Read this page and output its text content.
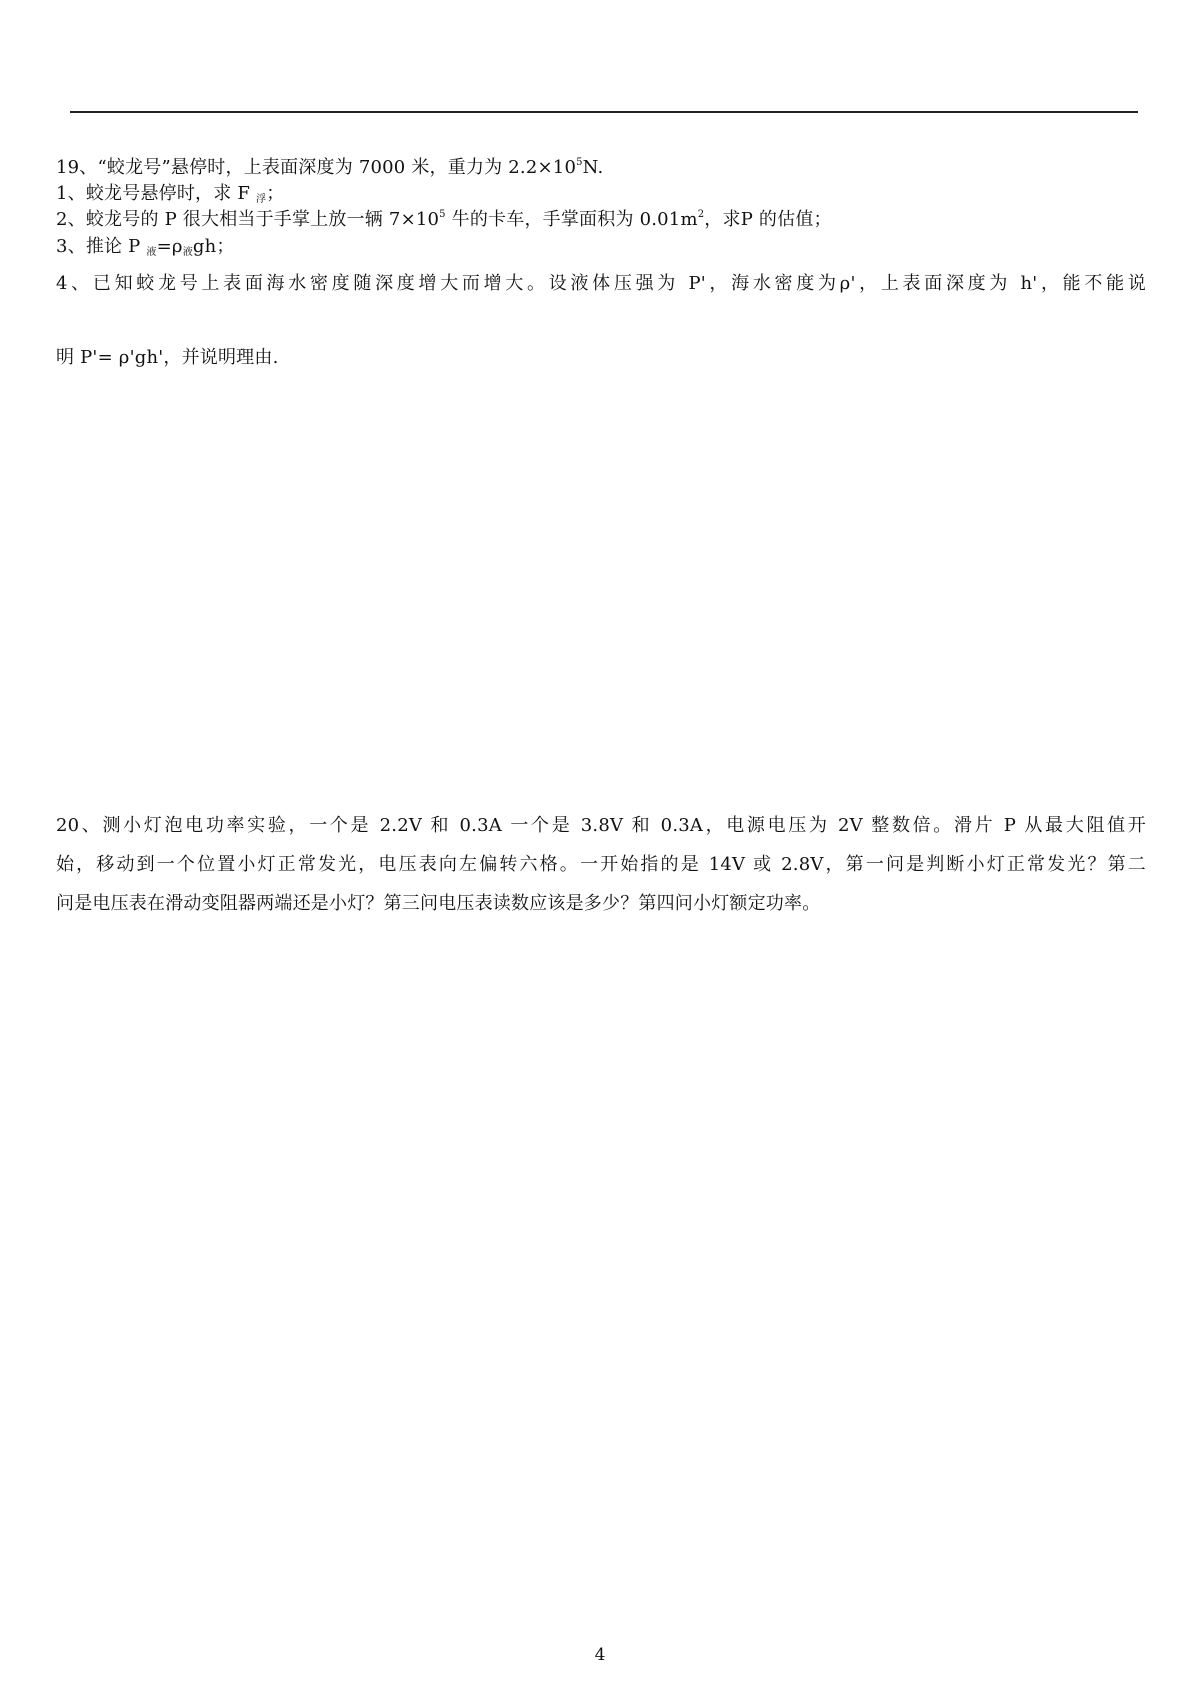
19、“蛟龙号”悬停时，上表面深度为 7000 米，重力为 $2.2\times 10^5N$.
1、蛟龙号悬停时，求 F $_浮$；
2、蛟龙号的 P 很大相当于手掌上放一辆 $7\times 10^5$ 牛的卡车，手掌面积为 $0.01m^2$，求P 的估值；
3、推论 P $_液=\rho_液gh$；
4、已知蛟龙号上表面海水密度随深度增大而增大。设液体压强为 P'，海水密度为ρ'，上表面深度为 h'，能不能说
明 P'= ρ'gh'，并说明理由.
20、测小灯泡电功率实验，一个是 2.2V 和 0.3A 一个是 3.8V 和 0.3A，电源电压为 2V 整数倍。滑片 P 从最大阻值开
始，移动到一个位置小灯正常发光，电压表向左偏转六格。一开始指的是 14V 或 2.8V，第一问是判断小灯正常发光？第二
问是电压表在滑动变阻器两端还是小灯？第三问电压表读数应该是多少？第四问小灯额定功率。
4
